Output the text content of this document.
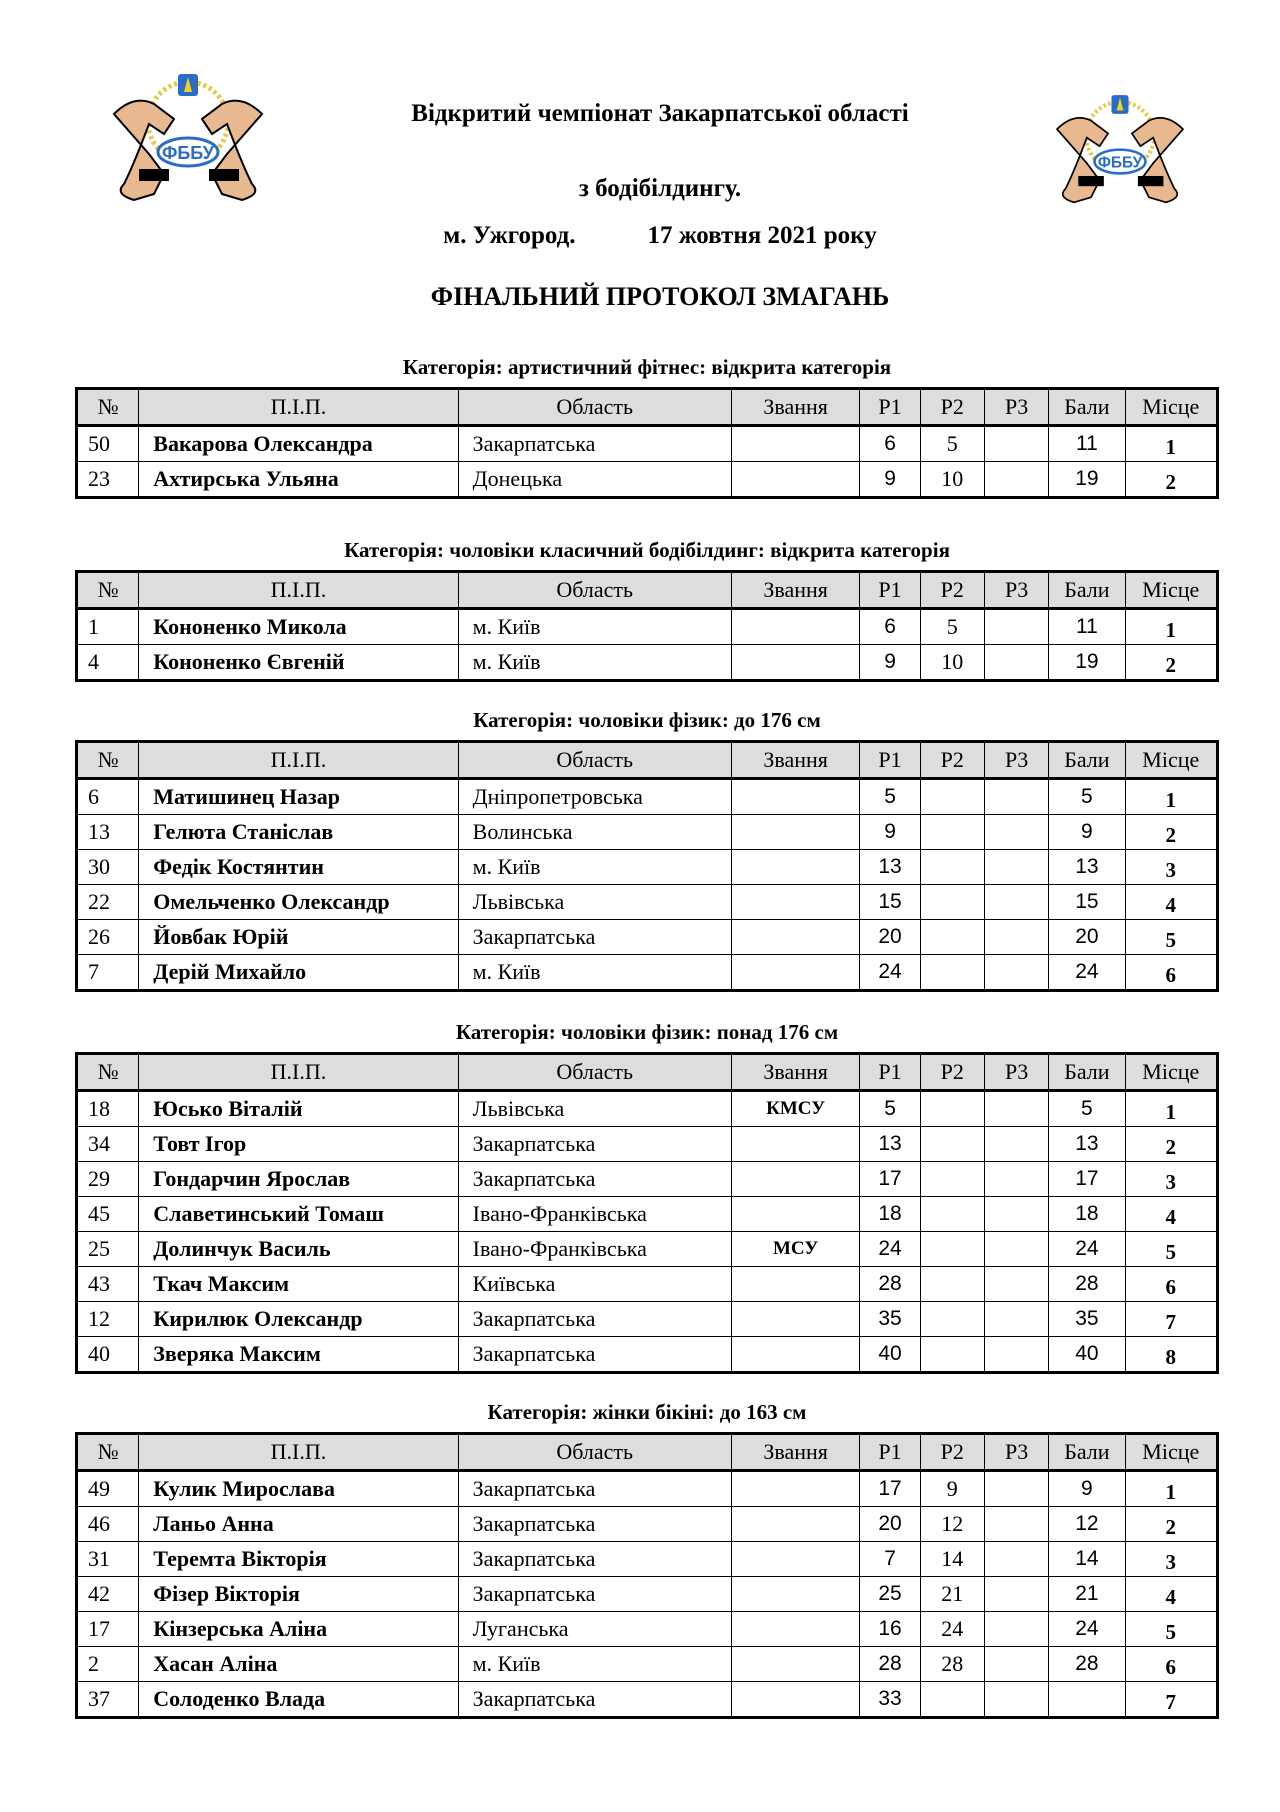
ФББУ	ФББУ
Відкритий чемпіонат Закарпатської області
з бодібілдингу.
м. Ужгород.	17 жовтня 2021 року
ФІНАЛЬНИЙ ПРОТОКОЛ ЗМАГАНЬ
Категорія: артистичний фітнес: відкрита категорія
№	П.І.П.	Область	Звання	Р1	Р2	Р3	Бали	Місце
50	Вакарова Олександра	Закарпатська		6	5		11	1
23	Ахтирська Ульяна	Донецька		9	10		19	2
Категорія: чоловіки класичний бодібілдинг: відкрита категорія
№	П.І.П.	Область	Звання	Р1	Р2	Р3	Бали	Місце
1	Кононенко Микола	м. Київ		6	5		11	1
4	Кононенко Євгеній	м. Київ		9	10		19	2
Категорія: чоловіки фізик: до 176 см
№	П.І.П.	Область	Звання	Р1	Р2	Р3	Бали	Місце
6	Матишинец Назар	Дніпропетровська		5			5	1
13	Гелюта Станіслав	Волинська		9			9	2
30	Федік Костянтин	м. Київ		13			13	3
22	Омельченко Олександр	Львівська		15			15	4
26	Йовбак Юрій	Закарпатська		20			20	5
7	Дерій Михайло	м. Київ		24			24	6
Категорія: чоловіки фізик: понад 176 см
№	П.І.П.	Область	Звання	Р1	Р2	Р3	Бали	Місце
18	Юсько Віталій	Львівська	КМСУ	5			5	1
34	Товт Ігор	Закарпатська		13			13	2
29	Гондарчин Ярослав	Закарпатська		17			17	3
45	Славетинський Томаш	Івано-Франківська		18			18	4
25	Долинчук Василь	Івано-Франківська	МСУ	24			24	5
43	Ткач Максим	Київська		28			28	6
12	Кирилюк Олександр	Закарпатська		35			35	7
40	Зверяка Максим	Закарпатська		40			40	8
Категорія: жінки бікіні: до 163 см
№	П.І.П.	Область	Звання	Р1	Р2	Р3	Бали	Місце
49	Кулик Мирослава	Закарпатська		17	9		9	1
46	Ланьо Анна	Закарпатська		20	12		12	2
31	Теремта Вікторія	Закарпатська		7	14		14	3
42	Фізер Вікторія	Закарпатська		25	21		21	4
17	Кінзерська Аліна	Луганська		16	24		24	5
2	Хасан Аліна	м. Київ		28	28		28	6
37	Солоденко Влада	Закарпатська		33				7
